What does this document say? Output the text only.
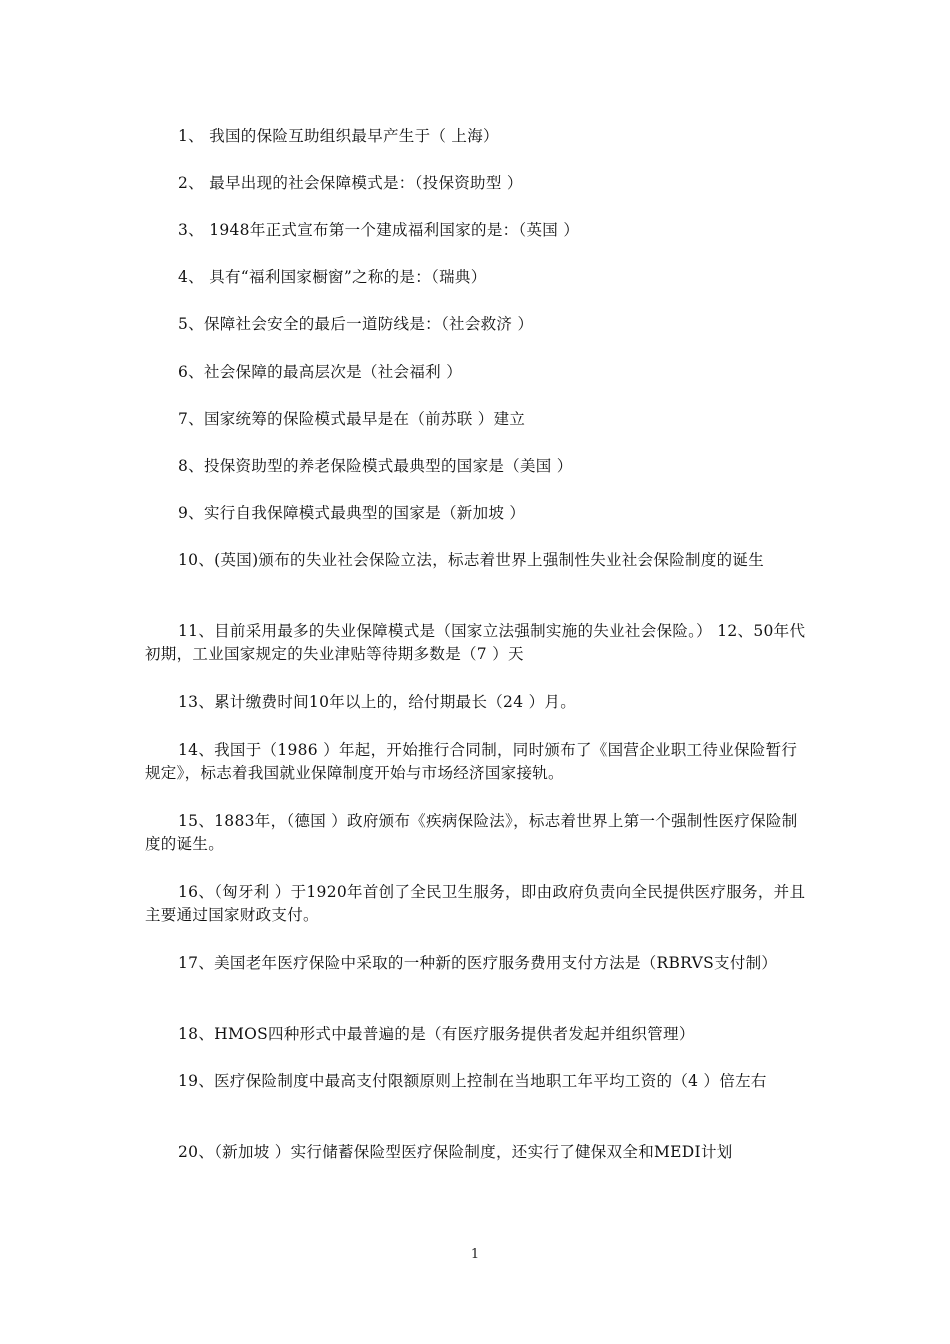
1、 我国的保险互助组织最早产生于（ 上海）
2、 最早出现的社会保障模式是：（投保资助型 ）
3、 1948年正式宣布第一个建成福利国家的是：（英国 ）
4、 具有“福利国家橱窗”之称的是：（瑞典）
5、保障社会安全的最后一道防线是：（社会救济 ）
6、社会保障的最高层次是（社会福利 ）
7、国家统筹的保险模式最早是在（前苏联 ）建立
8、投保资助型的养老保险模式最典型的国家是（美国 ）
9、实行自我保障模式最典型的国家是（新加坡 ）
10、(英国)颁布的失业社会保险立法，标志着世界上强制性失业社会保险制度的诞生
11、目前采用最多的失业保障模式是（国家立法强制实施的失业社会保险。） 12、50年代初期，工业国家规定的失业津贴等待期多数是（7 ）天
13、累计缴费时间10年以上的，给付期最长（24 ）月。
14、我国于（1986 ）年起，开始推行合同制，同时颁布了《国营企业职工待业保险暂行规定》，标志着我国就业保障制度开始与市场经济国家接轨。
15、1883年，（德国 ）政府颁布《疾病保险法》，标志着世界上第一个强制性医疗保险制度的诞生。
16、（匈牙利 ）于1920年首创了全民卫生服务，即由政府负责向全民提供医疗服务，并且主要通过国家财政支付。
17、美国老年医疗保险中采取的一种新的医疗服务费用支付方法是（RBRVS支付制）
18、HMOS四种形式中最普遍的是（有医疗服务提供者发起并组织管理）
19、医疗保险制度中最高支付限额原则上控制在当地职工年平均工资的（4 ）倍左右
20、（新加坡 ）实行储蓄保险型医疗保险制度，还实行了健保双全和MEDI计划
1
